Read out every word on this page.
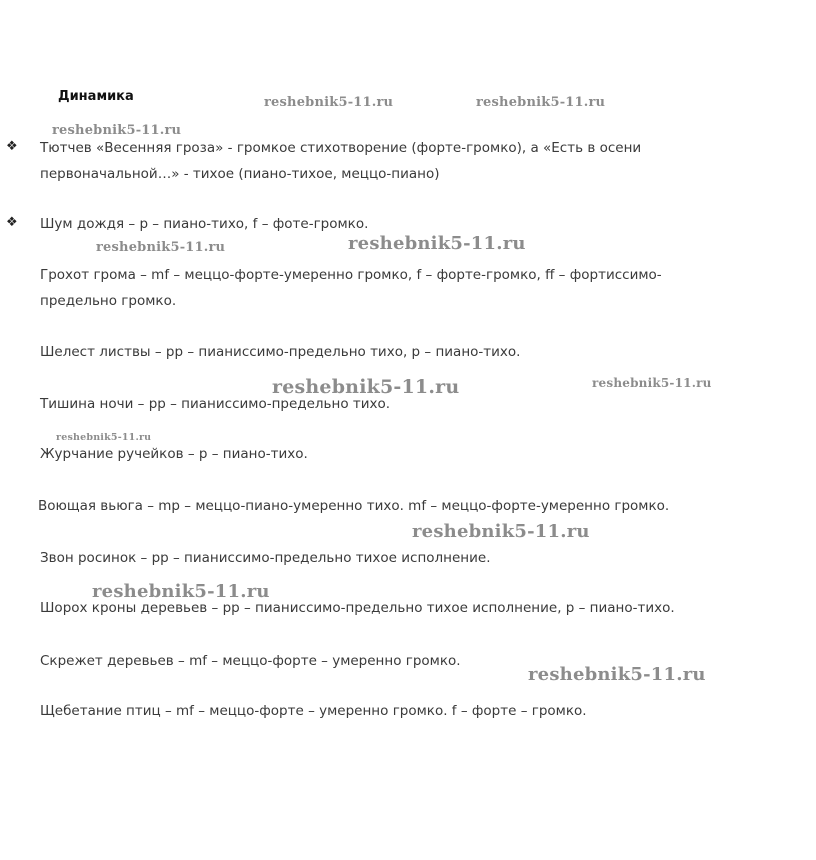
Динамика
❖
❖
Тютчев «Весенняя гроза» - громкое стихотворение (форте-громко), а «Есть в осени
первоначальной…» - тихое (пиано-тихое, меццо-пиано)
Шум дождя – p – пиано-тихо, f – фоте-громко.
Грохот грома – mf – меццо-форте-умеренно громко, f – форте-громко, ff – фортиссимо-
предельно громко.
Шелест листвы – pp – пианиссимо-предельно тихо, p – пиано-тихо.
Тишина ночи – pp – пианиссимо-предельно тихо.
Журчание ручейков – p – пиано-тихо.
Воющая вьюга – mp – меццо-пиано-умеренно тихо. mf – меццо-форте-умеренно громко.
Звон росинок – pp – пианиссимо-предельно тихое исполнение.
Шорох кроны деревьев – pp – пианиссимо-предельно тихое исполнение, p – пиано-тихо.
Скрежет деревьев – mf – меццо-форте – умеренно громко.
Щебетание птиц – mf – меццо-форте – умеренно громко. f – форте – громко.
reshebnik5-11.ru	reshebnik5-11.ru
reshebnik5-11.ru
reshebnik5-11.ru	reshebnik5-11.ru
reshebnik5-11.ru	reshebnik5-11.ru
reshebnik5-11.ru
reshebnik5-11.ru
reshebnik5-11.ru
reshebnik5-11.ru
